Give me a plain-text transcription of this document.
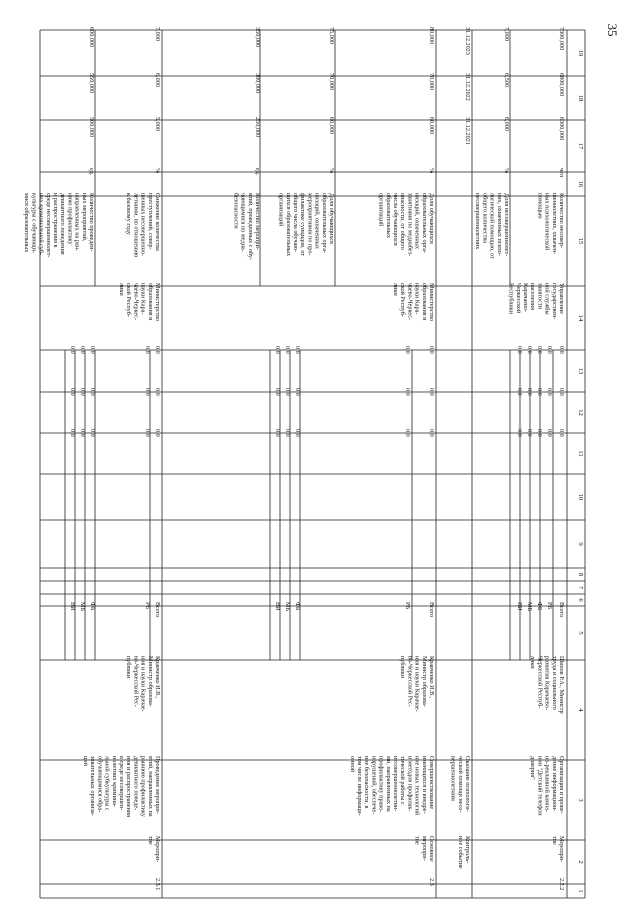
35
1
2
3
4
5
6
7
8
9
10
11
12
13
14
15
16
17
18
19
2.2.2
Меропри-тие
Организация и прове-дение информацион-но-рекламной кампа-нии "Детский телефондоверия"
Шилов Р.А., Министртруда и социальногоразвития Карачаево-Черкесской Респуб-лики
Всего
0,0
0,0
0,0
Управлениегосударствен-ной службызанятостинаселенияКарачаево-ЧеркесскойРеспублики
Количество несовер-шеннолетних, охвачен-ных психологическойпомощью
чел
6300,000
6800,000
7300,000
Доля несовершеннолет-них, охваченных психо-логической помощью, отобщего количестванесовершеннолетних
%
6,000
6,500
7,000
РБ
0,0
0,0
0,0
ФБ
0,0
0,0
0,0
МБ
0,0
0,0
0,0
ВИ
0,0
0,0
0,0
Контроль-ное событие
Оказание психологи-ческой помощи несо-вершеннолетним
31.12.2021
31.12.2022
31.12.2023
2.3
Основноемеропри-тие
Совершенствованиеимеющихся и внедре-ние новых технологийи методов профилак-тической работы снесовершеннолетни-ми, направленных напрофилактику право-нарушений, обеспече-ние безопасности, втом числе информаци-онной
Кравченко И.В.,Министр образова-ния и науки Карачае-во-Черкесской Рес-публики
Всего
0,0
0,0
0,0
Министерствообразования инауки Кара-чаево-Черкес-ской Респуб-лики
Доля обучающихсяобразовательных орга-низаций, охваченныхзанятиями по медиабез-опасности, от общегочисла обучающихсяобразовательныхорганизаций
%
60,000
70,000
80,000
Доля обучающихсяобразовательных орга-низаций, охваченныхмероприятиями по про-филактике суицидов, отобщего числа обучаю-щихся образовательныхорганизаций
%
60,000
70,000
75,000
РБ
0,0
0,0
0,0
ФБ
0,0
0,0
0,0
МБ
0,0
0,0
0,0
ВИ
0,0
0,0
0,0
Количество меропри-ятий, проведенных с обу-чающимися по медиа-безопасности
ед.
250,000
300,000
350,000
2.3.1
Меропри-тие
Проведение меропри-ятий, направленных нараннюю профилактикудевиантного поведе-ния и распространенияв среде несовершен-нолетних кримина-льной субкультуры собучающимися обра-зовательных организа-ций
Кравченко И.В.,Министр образова-ния и науки Карачае-во-Черкесской Рес-публики
Всего
0,0
0,0
0,0
Министерствообразования инауки Кара-чаево-Черкес-ской Респуб-лики
Снижение количествапреступлений, совер-шенных несовершенно-летними, по отношениюк базовому году
%
5,000
6,000
7,000
Количество проведен-ных мероприятий,направленных на ран-нюю профилактикудевиантного поведенияи распространения всреде несовершеннолет-них криминальной суб-культуры с обучающи-мися образовательных
ед.
500,000
550,000
600,000
РБ
0,0
0,0
0,0
ФБ
0,0
0,0
0,0
МБ
0,0
0,0
0,0
ВИ
0,0
0,0
0,0
